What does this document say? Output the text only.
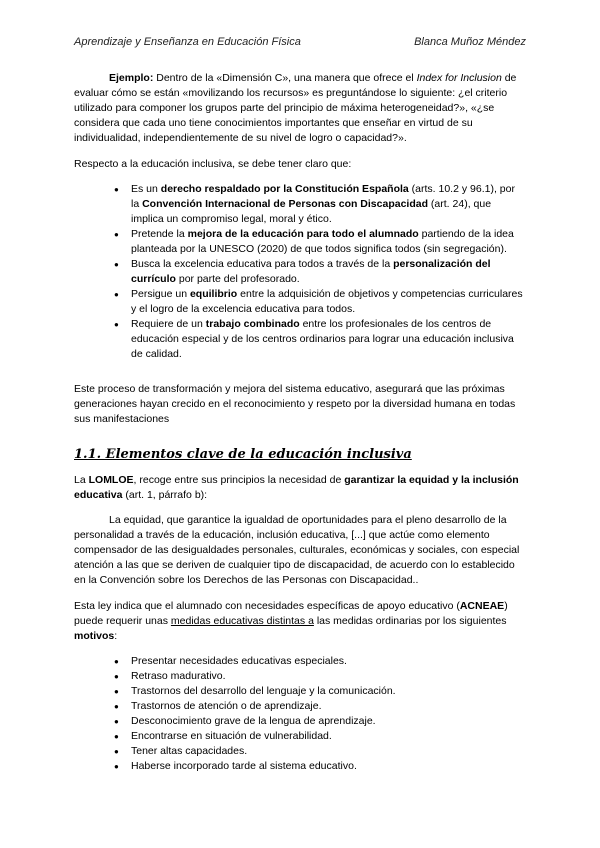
Aprendizaje y Enseñanza en Educación Física	Blanca Muñoz Méndez

Ejemplo: Dentro de la «Dimensión C», una manera que ofrece el Index for Inclusion de evaluar cómo se están «movilizando los recursos» es preguntándose lo siguiente: ¿el criterio utilizado para componer los grupos parte del principio de máxima heterogeneidad?», «¿se considera que cada uno tiene conocimientos importantes que enseñar en virtud de su individualidad, independientemente de su nivel de logro o capacidad?».

Respecto a la educación inclusiva, se debe tener claro que:

● Es un derecho respaldado por la Constitución Española (arts. 10.2 y 96.1), por la Convención Internacional de Personas con Discapacidad (art. 24), que implica un compromiso legal, moral y ético.

● Pretende la mejora de la educación para todo el alumnado partiendo de la idea planteada por la UNESCO (2020) de que todos significa todos (sin segregación).

● Busca la excelencia educativa para todos a través de la personalización del currículo por parte del profesorado.

● Persigue un equilibrio entre la adquisición de objetivos y competencias curriculares y el logro de la excelencia educativa para todos.

● Requiere de un trabajo combinado entre los profesionales de los centros de educación especial y de los centros ordinarios para lograr una educación inclusiva de calidad.

Este proceso de transformación y mejora del sistema educativo, asegurará que las próximas generaciones hayan crecido en el reconocimiento y respeto por la diversidad humana en todas sus manifestaciones

1.1. Elementos clave de la educación inclusiva

La LOMLOE, recoge entre sus principios la necesidad de garantizar la equidad y la inclusión educativa (art. 1, párrafo b):

La equidad, que garantice la igualdad de oportunidades para el pleno desarrollo de la personalidad a través de la educación, inclusión educativa, [...] que actúe como elemento compensador de las desigualdades personales, culturales, económicas y sociales, con especial atención a las que se deriven de cualquier tipo de discapacidad, de acuerdo con lo establecido en la Convención sobre los Derechos de las Personas con Discapacidad..

Esta ley indica que el alumnado con necesidades específicas de apoyo educativo (ACNEAE) puede requerir unas medidas educativas distintas a las medidas ordinarias por los siguientes motivos:

● Presentar necesidades educativas especiales.

● Retraso madurativo.

● Trastornos del desarrollo del lenguaje y la comunicación.

● Trastornos de atención o de aprendizaje.

● Desconocimiento grave de la lengua de aprendizaje.

● Encontrarse en situación de vulnerabilidad.

● Tener altas capacidades.

● Haberse incorporado tarde al sistema educativo.
